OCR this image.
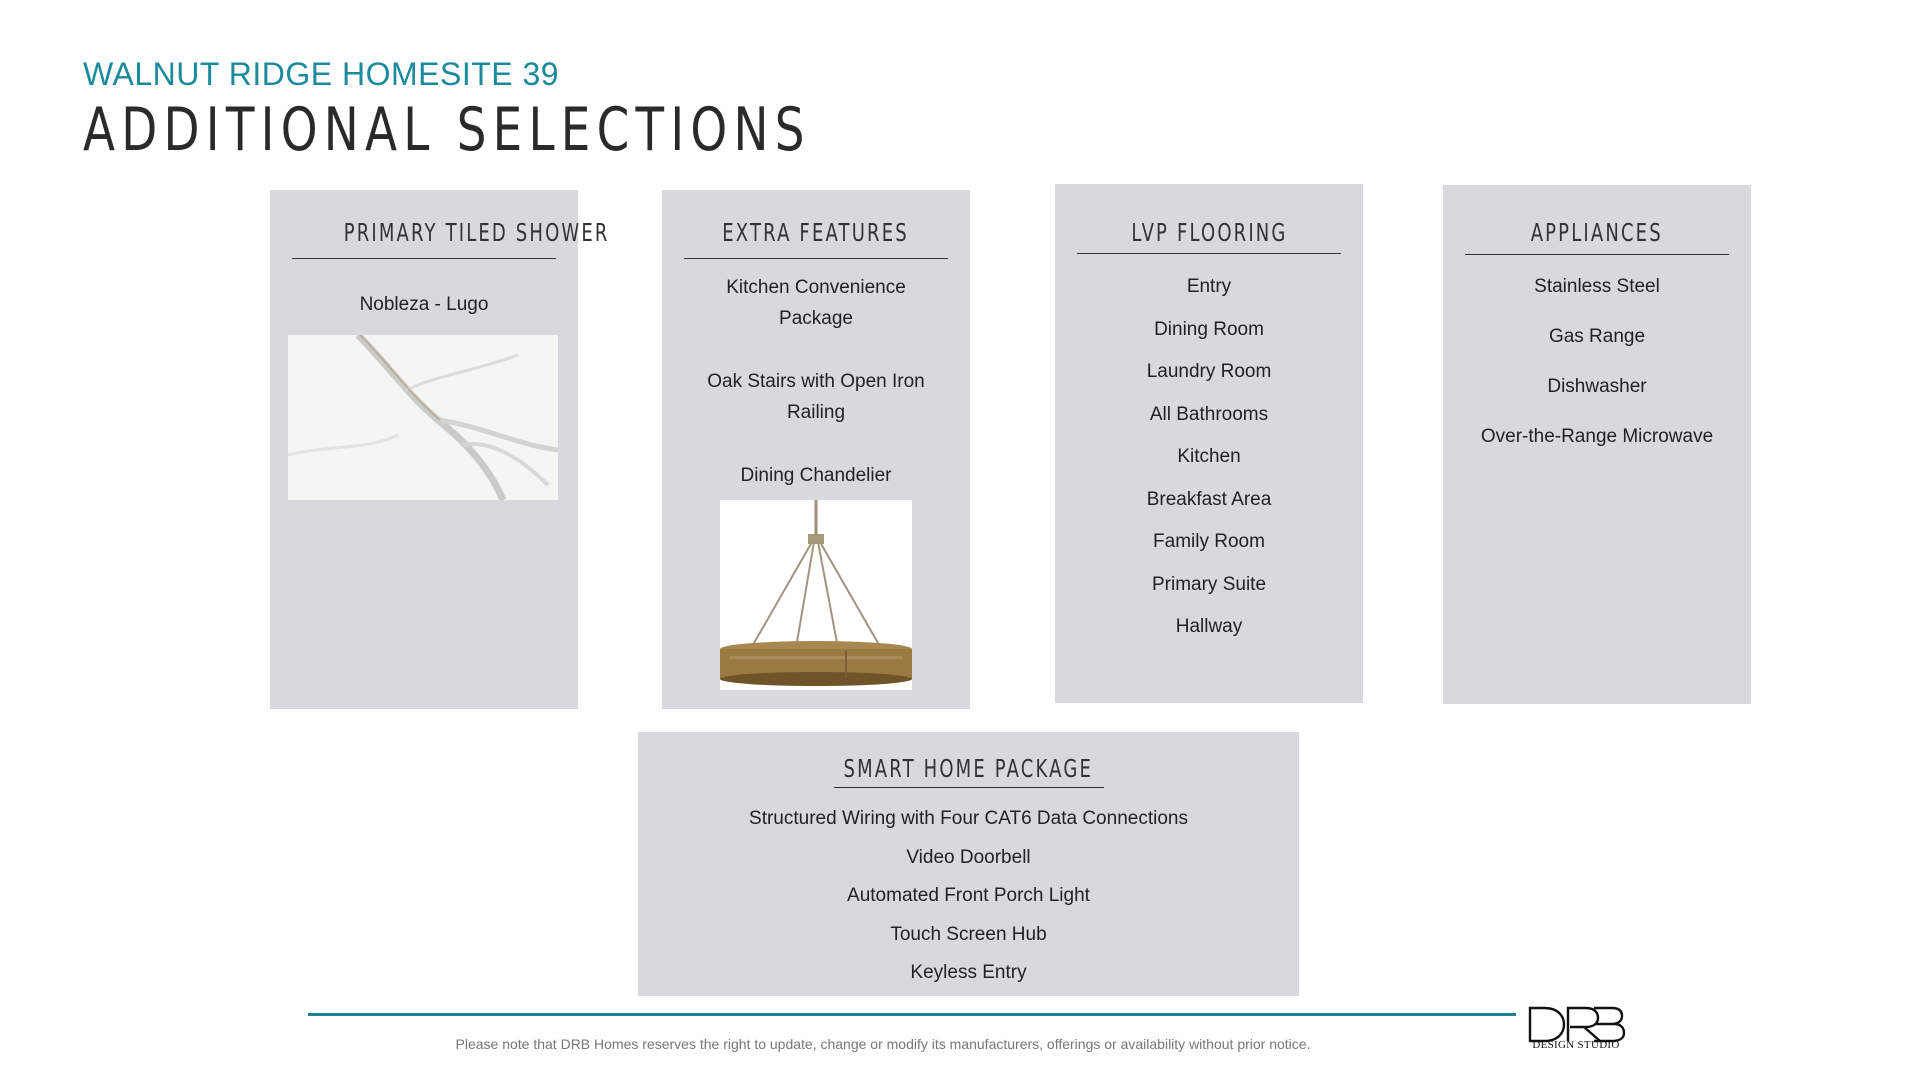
WALNUT RIDGE HOMESITE 39
ADDITIONAL SELECTIONS
PRIMARY TILED SHOWER
Nobleza - Lugo
EXTRA FEATURES
Kitchen Convenience
Package
Oak Stairs with Open Iron
Railing
Dining Chandelier
LVP FLOORING
Entry
Dining Room
Laundry Room
All Bathrooms
Kitchen
Breakfast Area
Family Room
Primary Suite
Hallway
APPLIANCES
Stainless Steel
Gas Range
Dishwasher
Over-the-Range Microwave
SMART HOME PACKAGE
Structured Wiring with Four CAT6 Data Connections
Video Doorbell
Automated Front Porch Light
Touch Screen Hub
Keyless Entry
Please note that DRB Homes reserves the right to update, change or modify its manufacturers, offerings or availability without prior notice.	DESIGN STUDIO
